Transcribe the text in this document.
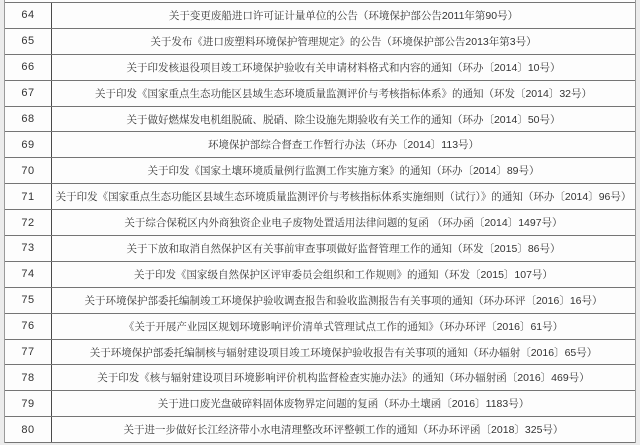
64	关于变更废船进口许可证计量单位的公告（环境保护部公告2011年第90号）
65	关于发布《进口废塑料环境保护管理规定》的公告（环境保护部公告2013年第3号）
66	关于印发核退役项目竣工环境保护验收有关申请材料格式和内容的通知（环办〔2014〕10号）
67	关于印发《国家重点生态功能区县域生态环境质量监测评价与考核指标体系》的通知（环发〔2014〕32号）
68	关于做好燃煤发电机组脱硫、脱硝、除尘设施先期验收有关工作的通知（环办〔2014〕50号）
69	环境保护部综合督查工作暂行办法（环办〔2014〕113号）
70	关于印发《国家土壤环境质量例行监测工作实施方案》的通知（环办〔2014〕89号）
71	关于印发《国家重点生态功能区县域生态环境质量监测评价与考核指标体系实施细则（试行）》的通知（环办〔2014〕96号）
72	关于综合保税区内外商独资企业电子废物处置适用法律问题的复函 （环办函〔2014〕1497号）
73	关于下放和取消自然保护区有关事前审查事项做好监督管理工作的通知（环发〔2015〕86号）
74	关于印发《国家级自然保护区评审委员会组织和工作规则》的通知（环发〔2015〕107号）
75	关于环境保护部委托编制竣工环境保护验收调查报告和验收监测报告有关事项的通知（环办环评〔2016〕16号）
76	《关于开展产业园区规划环境影响评价清单式管理试点工作的通知》（环办环评〔2016〕61号）
77	关于环境保护部委托编制核与辐射建设项目竣工环境保护验收报告有关事项的通知（环办辐射〔2016〕65号）
78	关于印发《核与辐射建设项目环境影响评价机构监督检查实施办法》的通知（环办辐射函〔2016〕469号）
79	关于进口废光盘破碎料固体废物界定问题的复函（环办土壤函〔2016〕1183号）
80	关于进一步做好长江经济带小水电清理整改环评整顿工作的通知（环办环评函〔2018〕325号）
